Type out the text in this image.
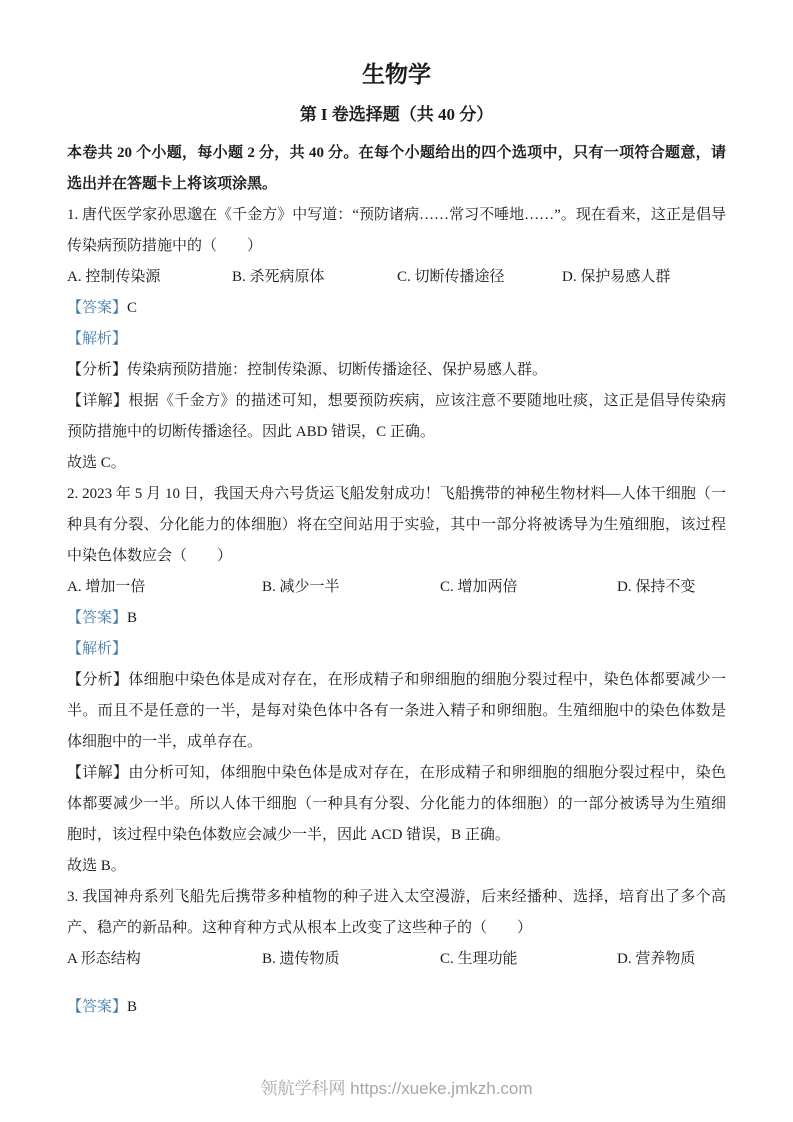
生物学
第 I 卷选择题（共 40 分）

本卷共 20 个小题，每小题 2 分，共 40 分。在每个小题给出的四个选项中，只有一项符合题意，请选出并在答题卡上将该项涂黑。

1. 唐代医学家孙思邈在《千金方》中写道：“预防诸病……常习不唾地……”。现在看来，这正是倡导传染病预防措施中的（　　）

A. 控制传染源	B. 杀死病原体	C. 切断传播途径	D. 保护易感人群

【答案】C

【解析】

【分析】传染病预防措施：控制传染源、切断传播途径、保护易感人群。

【详解】根据《千金方》的描述可知，想要预防疾病，应该注意不要随地吐痰，这正是倡导传染病预防措施中的切断传播途径。因此 ABD 错误，C 正确。

故选 C。

2. 2023 年 5 月 10 日，我国天舟六号货运飞船发射成功！飞船携带的神秘生物材料—人体干细胞（一种具有分裂、分化能力的体细胞）将在空间站用于实验，其中一部分将被诱导为生殖细胞，该过程中染色体数应会（　　）

A. 增加一倍	B. 减少一半	C. 增加两倍	D. 保持不变

【答案】B

【解析】

【分析】体细胞中染色体是成对存在，在形成精子和卵细胞的细胞分裂过程中，染色体都要减少一半。而且不是任意的一半，是每对染色体中各有一条进入精子和卵细胞。生殖细胞中的染色体数是体细胞中的一半，成单存在。

【详解】由分析可知，体细胞中染色体是成对存在，在形成精子和卵细胞的细胞分裂过程中，染色体都要减少一半。所以人体干细胞（一种具有分裂、分化能力的体细胞）的一部分被诱导为生殖细胞时，该过程中染色体数应会减少一半，因此 ACD 错误，B 正确。

故选 B。

3. 我国神舟系列飞船先后携带多种植物的种子进入太空漫游，后来经播种、选择，培育出了多个高产、稳产的新品种。这种育种方式从根本上改变了这些种子的（　　）

A 形态结构	B. 遗传物质	C. 生理功能	D. 营养物质

【答案】B

领航学科网 https://xueke.jmkzh.com
